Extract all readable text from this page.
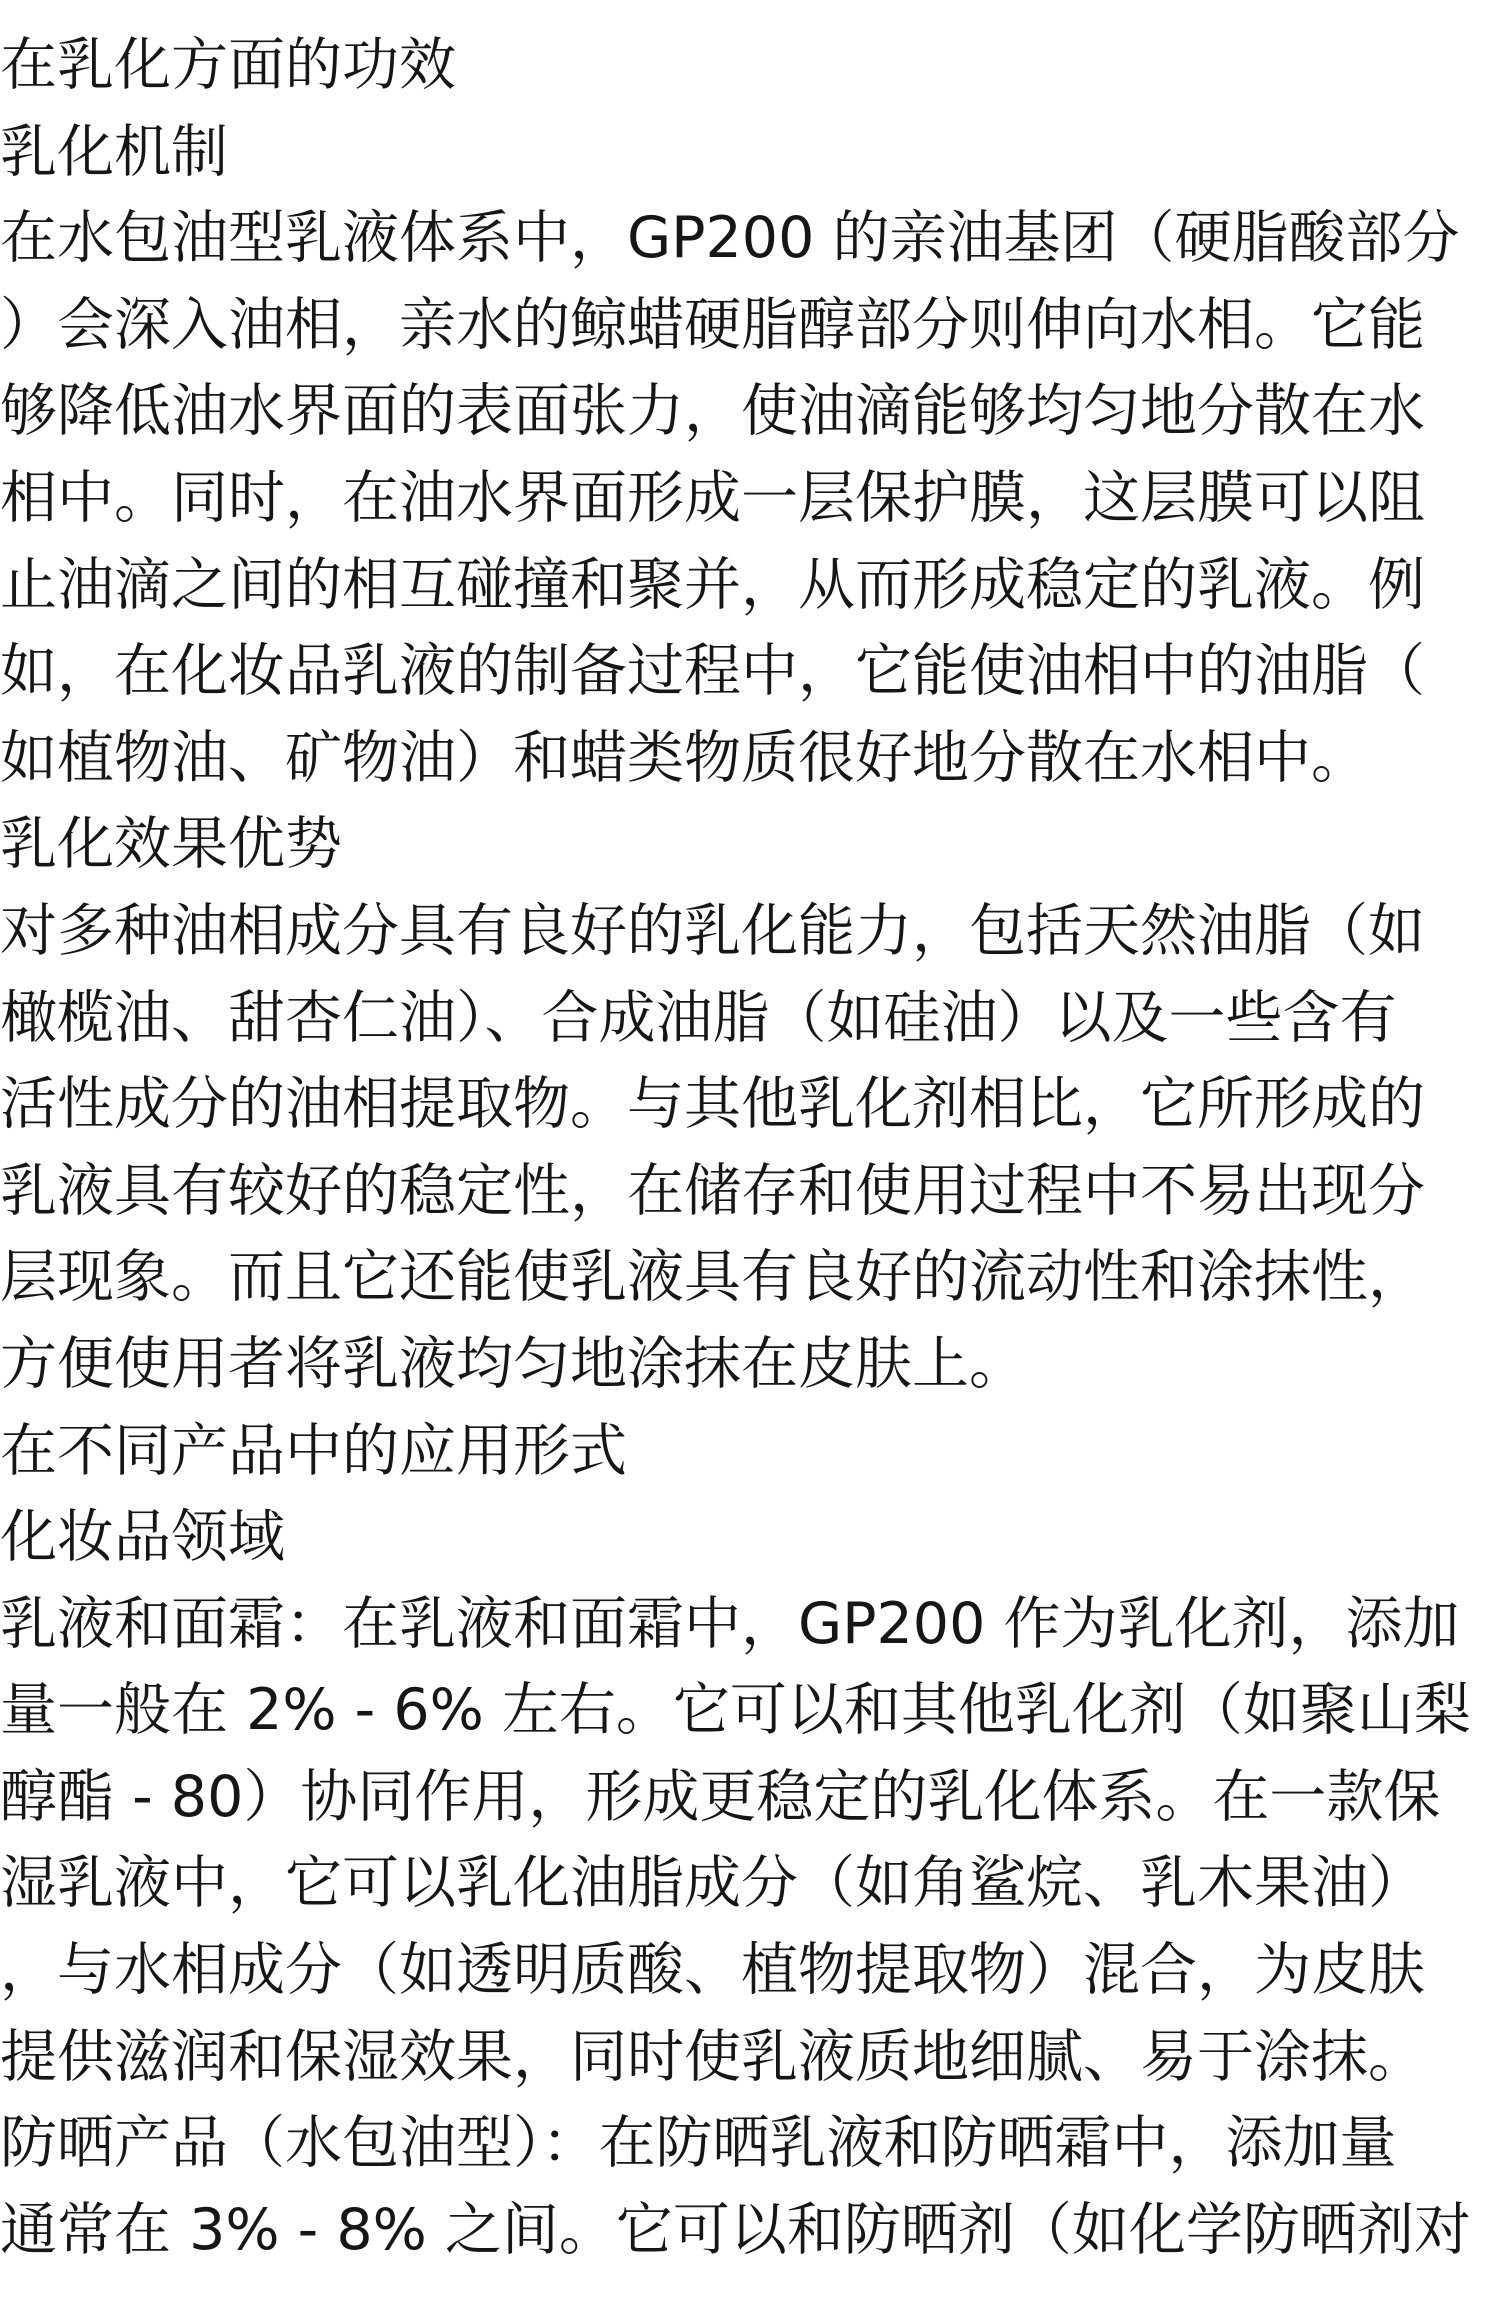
在乳化方面的功效
乳化机制
在水包油型乳液体系中，GP200 的亲油基团（硬脂酸部分
）会深入油相，亲水的鲸蜡硬脂醇部分则伸向水相。它能
够降低油水界面的表面张力，使油滴能够均匀地分散在水
相中。同时，在油水界面形成一层保护膜，这层膜可以阻
止油滴之间的相互碰撞和聚并，从而形成稳定的乳液。例
如，在化妆品乳液的制备过程中，它能使油相中的油脂（
如植物油、矿物油）和蜡类物质很好地分散在水相中。
乳化效果优势
对多种油相成分具有良好的乳化能力，包括天然油脂（如
橄榄油、甜杏仁油）、合成油脂（如硅油）以及一些含有
活性成分的油相提取物。与其他乳化剂相比，它所形成的
乳液具有较好的稳定性，在储存和使用过程中不易出现分
层现象。而且它还能使乳液具有良好的流动性和涂抹性，
方便使用者将乳液均匀地涂抹在皮肤上。
在不同产品中的应用形式
化妆品领域
乳液和面霜：在乳液和面霜中，GP200 作为乳化剂，添加
量一般在 2% - 6% 左右。它可以和其他乳化剂（如聚山梨
醇酯 - 80）协同作用，形成更稳定的乳化体系。在一款保
湿乳液中，它可以乳化油脂成分（如角鲨烷、乳木果油）
，与水相成分（如透明质酸、植物提取物）混合，为皮肤
提供滋润和保湿效果，同时使乳液质地细腻、易于涂抹。
防晒产品（水包油型）：在防晒乳液和防晒霜中，添加量
通常在 3% - 8% 之间。它可以和防晒剂（如化学防晒剂对
